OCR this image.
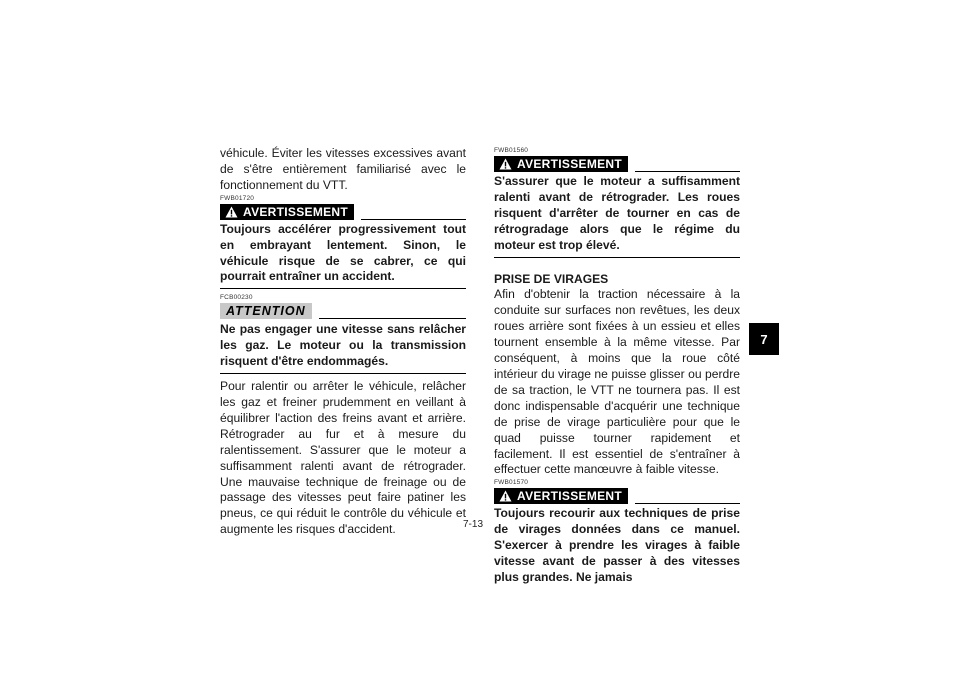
véhicule. Éviter les vitesses excessives avant de s'être entièrement familiarisé avec le fonctionnement du VTT.

FWB01720
AVERTISSEMENT

Toujours accélérer progressivement tout en embrayant lentement. Sinon, le véhicule risque de se cabrer, ce qui pourrait entraîner un accident.

FCB00230
ATTENTION

Ne pas engager une vitesse sans relâcher les gaz. Le moteur ou la transmission risquent d'être endommagés.

Pour ralentir ou arrêter le véhicule, relâcher les gaz et freiner prudemment en veillant à équilibrer l'action des freins avant et arrière. Rétrograder au fur et à mesure du ralentissement. S'assurer que le moteur a suffisamment ralenti avant de rétrograder. Une mauvaise technique de freinage ou de passage des vitesses peut faire patiner les pneus, ce qui réduit le contrôle du véhicule et augmente les risques d'accident.

FWB01560
AVERTISSEMENT

S'assurer que le moteur a suffisamment ralenti avant de rétrograder. Les roues risquent d'arrêter de tourner en cas de rétrogradage alors que le régime du moteur est trop élevé.

PRISE DE VIRAGES

Afin d'obtenir la traction nécessaire à la conduite sur surfaces non revêtues, les deux roues arrière sont fixées à un essieu et elles tournent ensemble à la même vitesse. Par conséquent, à moins que la roue côté intérieur du virage ne puisse glisser ou perdre de sa traction, le VTT ne tournera pas. Il est donc indispensable d'acquérir une technique de prise de virage particulière pour que le quad puisse tourner rapidement et facilement. Il est essentiel de s'entraîner à effectuer cette manœuvre à faible vitesse.

FWB01570
AVERTISSEMENT

Toujours recourir aux techniques de prise de virages données dans ce manuel. S'exercer à prendre les virages à faible vitesse avant de passer à des vitesses plus grandes. Ne jamais

7-13
7
